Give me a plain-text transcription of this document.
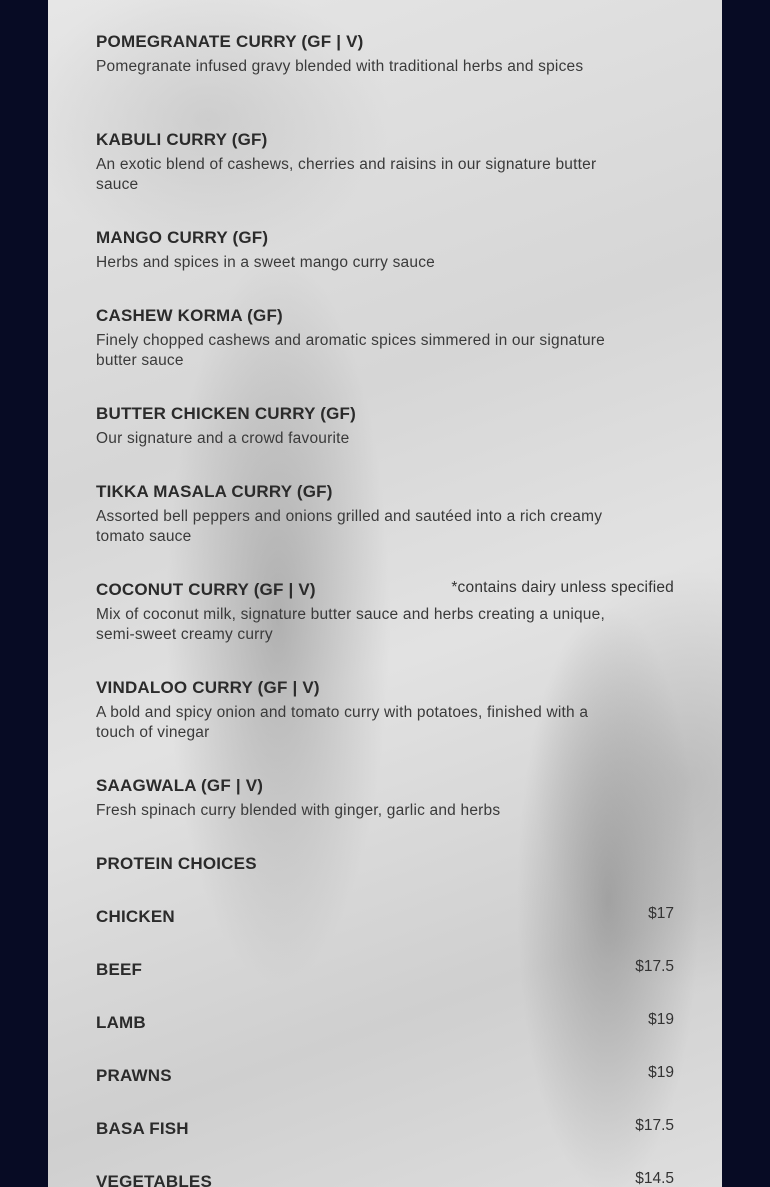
POMEGRANATE CURRY (GF | V)
Pomegranate infused gravy blended with traditional herbs and spices
KABULI CURRY (GF)
An exotic blend of cashews, cherries and raisins in our signature butter sauce
MANGO CURRY (GF)
Herbs and spices in a sweet mango curry sauce
CASHEW KORMA (GF)
Finely chopped cashews and aromatic spices simmered in our signature butter sauce
BUTTER CHICKEN CURRY (GF)
Our signature and a crowd favourite
TIKKA MASALA CURRY (GF)
Assorted bell peppers and onions grilled and sautéed into a rich creamy tomato sauce
COCONUT CURRY (GF | V)
Mix of coconut milk, signature butter sauce and herbs creating a unique, semi-sweet creamy curry
*contains dairy unless specified
VINDALOO CURRY (GF | V)
A bold and spicy onion and tomato curry with potatoes, finished with a touch of vinegar
SAAGWALA (GF | V)
Fresh spinach curry blended with ginger, garlic and herbs
PROTEIN CHOICES
CHICKEN	$17
BEEF	$17.5
LAMB	$19
PRAWNS	$19
BASA FISH	$17.5
VEGETABLES	$14.5
